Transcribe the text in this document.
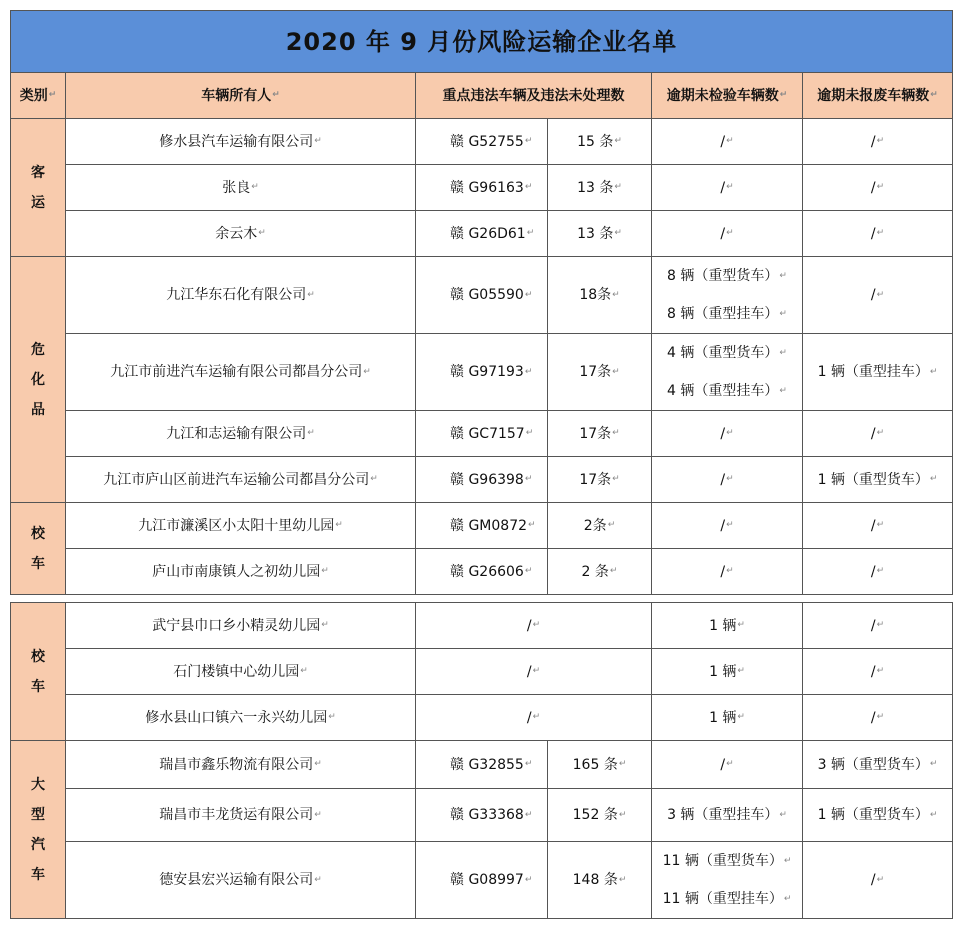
2020 年 9 月份风险运输企业名单					
类别 ↵	车辆所有人 ↵	重点违法车辆及违法未处理数		逾期未检验车辆数 ↵	逾期未报废车辆数 ↵
客运	修水县汽车运输有限公司 ↵	赣 G52755 ↵	15 条 ↵	/ ↵	/ ↵
	张良 ↵	赣 G96163 ↵	13 条 ↵	/ ↵	/ ↵
	余云木 ↵	赣 G26D61 ↵	13 条 ↵	/ ↵	/ ↵
危化品	九江华东石化有限公司 ↵	赣 G05590 ↵	18条 ↵	8 辆（重型货车） ↵
8 辆（重型挂车） ↵	/ ↵
	九江市前进汽车运输有限公司都昌分公司 ↵	赣 G97193 ↵	17条 ↵	4 辆（重型货车） ↵
4 辆（重型挂车） ↵	1 辆（重型挂车） ↵
	九江和志运输有限公司 ↵	赣 GC7157 ↵	17条 ↵	/ ↵	/ ↵
	九江市庐山区前进汽车运输公司都昌分公司 ↵	赣 G96398 ↵	17条 ↵	/ ↵	1 辆（重型货车） ↵
校车	九江市濂溪区小太阳十里幼儿园 ↵	赣 GM0872 ↵	2条 ↵	/ ↵	/ ↵
	庐山市南康镇人之初幼儿园 ↵	赣 G26606 ↵	2 条 ↵	/ ↵	/ ↵
校车	武宁县巾口乡小精灵幼儿园 ↵	/ ↵		1 辆 ↵	/ ↵
	石门楼镇中心幼儿园 ↵	/ ↵		1 辆 ↵	/ ↵
	修水县山口镇六一永兴幼儿园 ↵	/ ↵		1 辆 ↵	/ ↵
大型汽车	瑞昌市鑫乐物流有限公司 ↵	赣 G32855 ↵	165 条 ↵	/ ↵	3 辆（重型货车） ↵
	瑞昌市丰龙货运有限公司 ↵	赣 G33368 ↵	152 条 ↵	3 辆（重型挂车） ↵	1 辆（重型货车） ↵
	德安县宏兴运输有限公司 ↵	赣 G08997 ↵	148 条 ↵	11 辆（重型货车） ↵
11 辆（重型挂车） ↵	/ ↵
